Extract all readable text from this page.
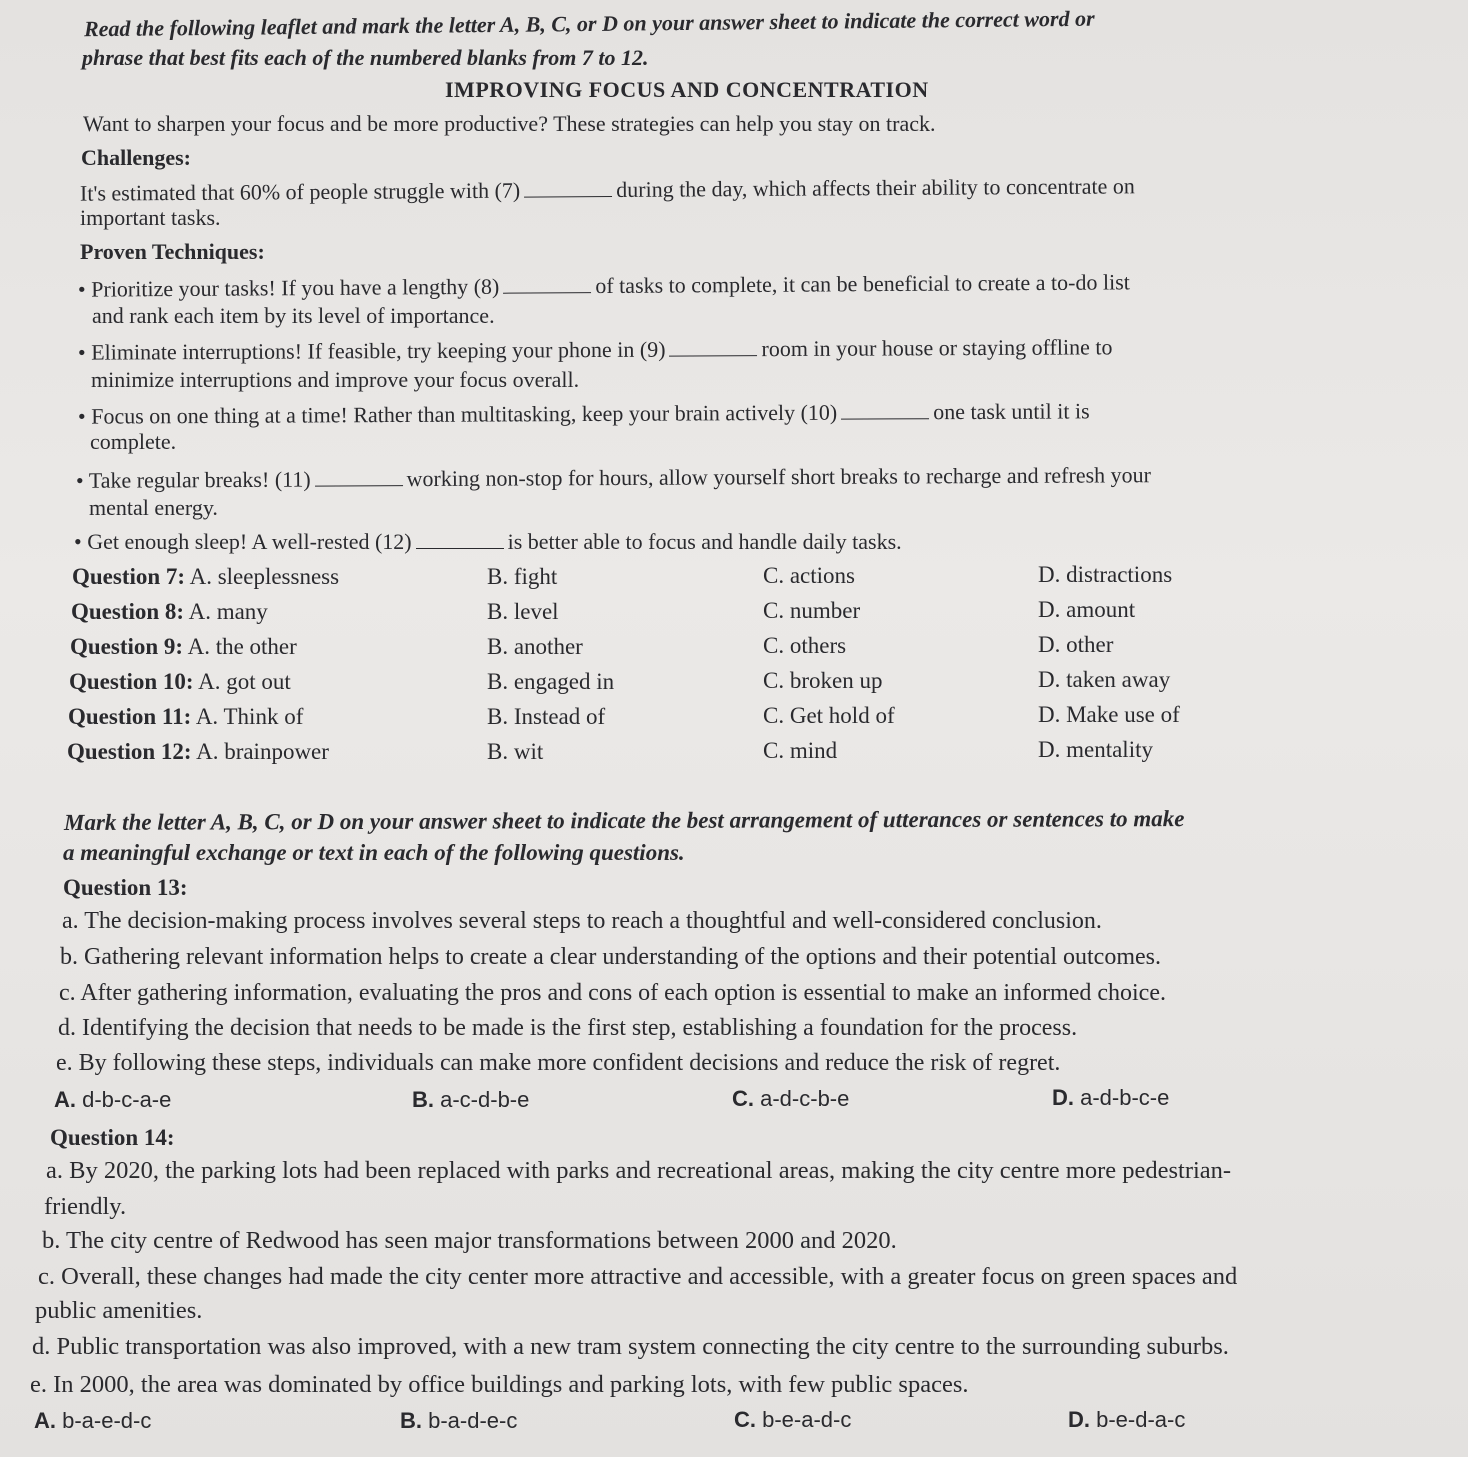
Read the following leaflet and mark the letter A, B, C, or D on your answer sheet to indicate the correct word or
phrase that best fits each of the numbered blanks from 7 to 12.
IMPROVING FOCUS AND CONCENTRATION
Want to sharpen your focus and be more productive? These strategies can help you stay on track.
Challenges:
It's estimated that 60% of people struggle with (7)	during the day, which affects their ability to concentrate on
important tasks.
Proven Techniques:
• Prioritize your tasks! If you have a lengthy (8)	of tasks to complete, it can be beneficial to create a to-do list
and rank each item by its level of importance.
• Eliminate interruptions! If feasible, try keeping your phone in (9)	room in your house or staying offline to
minimize interruptions and improve your focus overall.
• Focus on one thing at a time! Rather than multitasking, keep your brain actively (10)	one task until it is
complete.
• Take regular breaks! (11)	working non-stop for hours, allow yourself short breaks to recharge and refresh your
mental energy.
• Get enough sleep! A well-rested (12)	is better able to focus and handle daily tasks.
Question 7: A. sleeplessness	B. fight	C. actions	D. distractions
Question 8: A. many	B. level	C. number	D. amount
Question 9: A. the other	B. another	C. others	D. other
Question 10: A. got out	B. engaged in	C. broken up	D. taken away
Question 11: A. Think of	B. Instead of	C. Get hold of	D. Make use of
Question 12: A. brainpower	B. wit	C. mind	D. mentality
Mark the letter A, B, C, or D on your answer sheet to indicate the best arrangement of utterances or sentences to make
a meaningful exchange or text in each of the following questions.
Question 13:
a. The decision-making process involves several steps to reach a thoughtful and well-considered conclusion.
b. Gathering relevant information helps to create a clear understanding of the options and their potential outcomes.
c. After gathering information, evaluating the pros and cons of each option is essential to make an informed choice.
d. Identifying the decision that needs to be made is the first step, establishing a foundation for the process.
e. By following these steps, individuals can make more confident decisions and reduce the risk of regret.
A. d-b-c-a-e	B. a-c-d-b-e	C. a-d-c-b-e	D. a-d-b-c-e
Question 14:
a. By 2020, the parking lots had been replaced with parks and recreational areas, making the city centre more pedestrian-
friendly.
b. The city centre of Redwood has seen major transformations between 2000 and 2020.
c. Overall, these changes had made the city center more attractive and accessible, with a greater focus on green spaces and
public amenities.
d. Public transportation was also improved, with a new tram system connecting the city centre to the surrounding suburbs.
e. In 2000, the area was dominated by office buildings and parking lots, with few public spaces.
A. b-a-e-d-c	B. b-a-d-e-c	C. b-e-a-d-c	D. b-e-d-a-c
